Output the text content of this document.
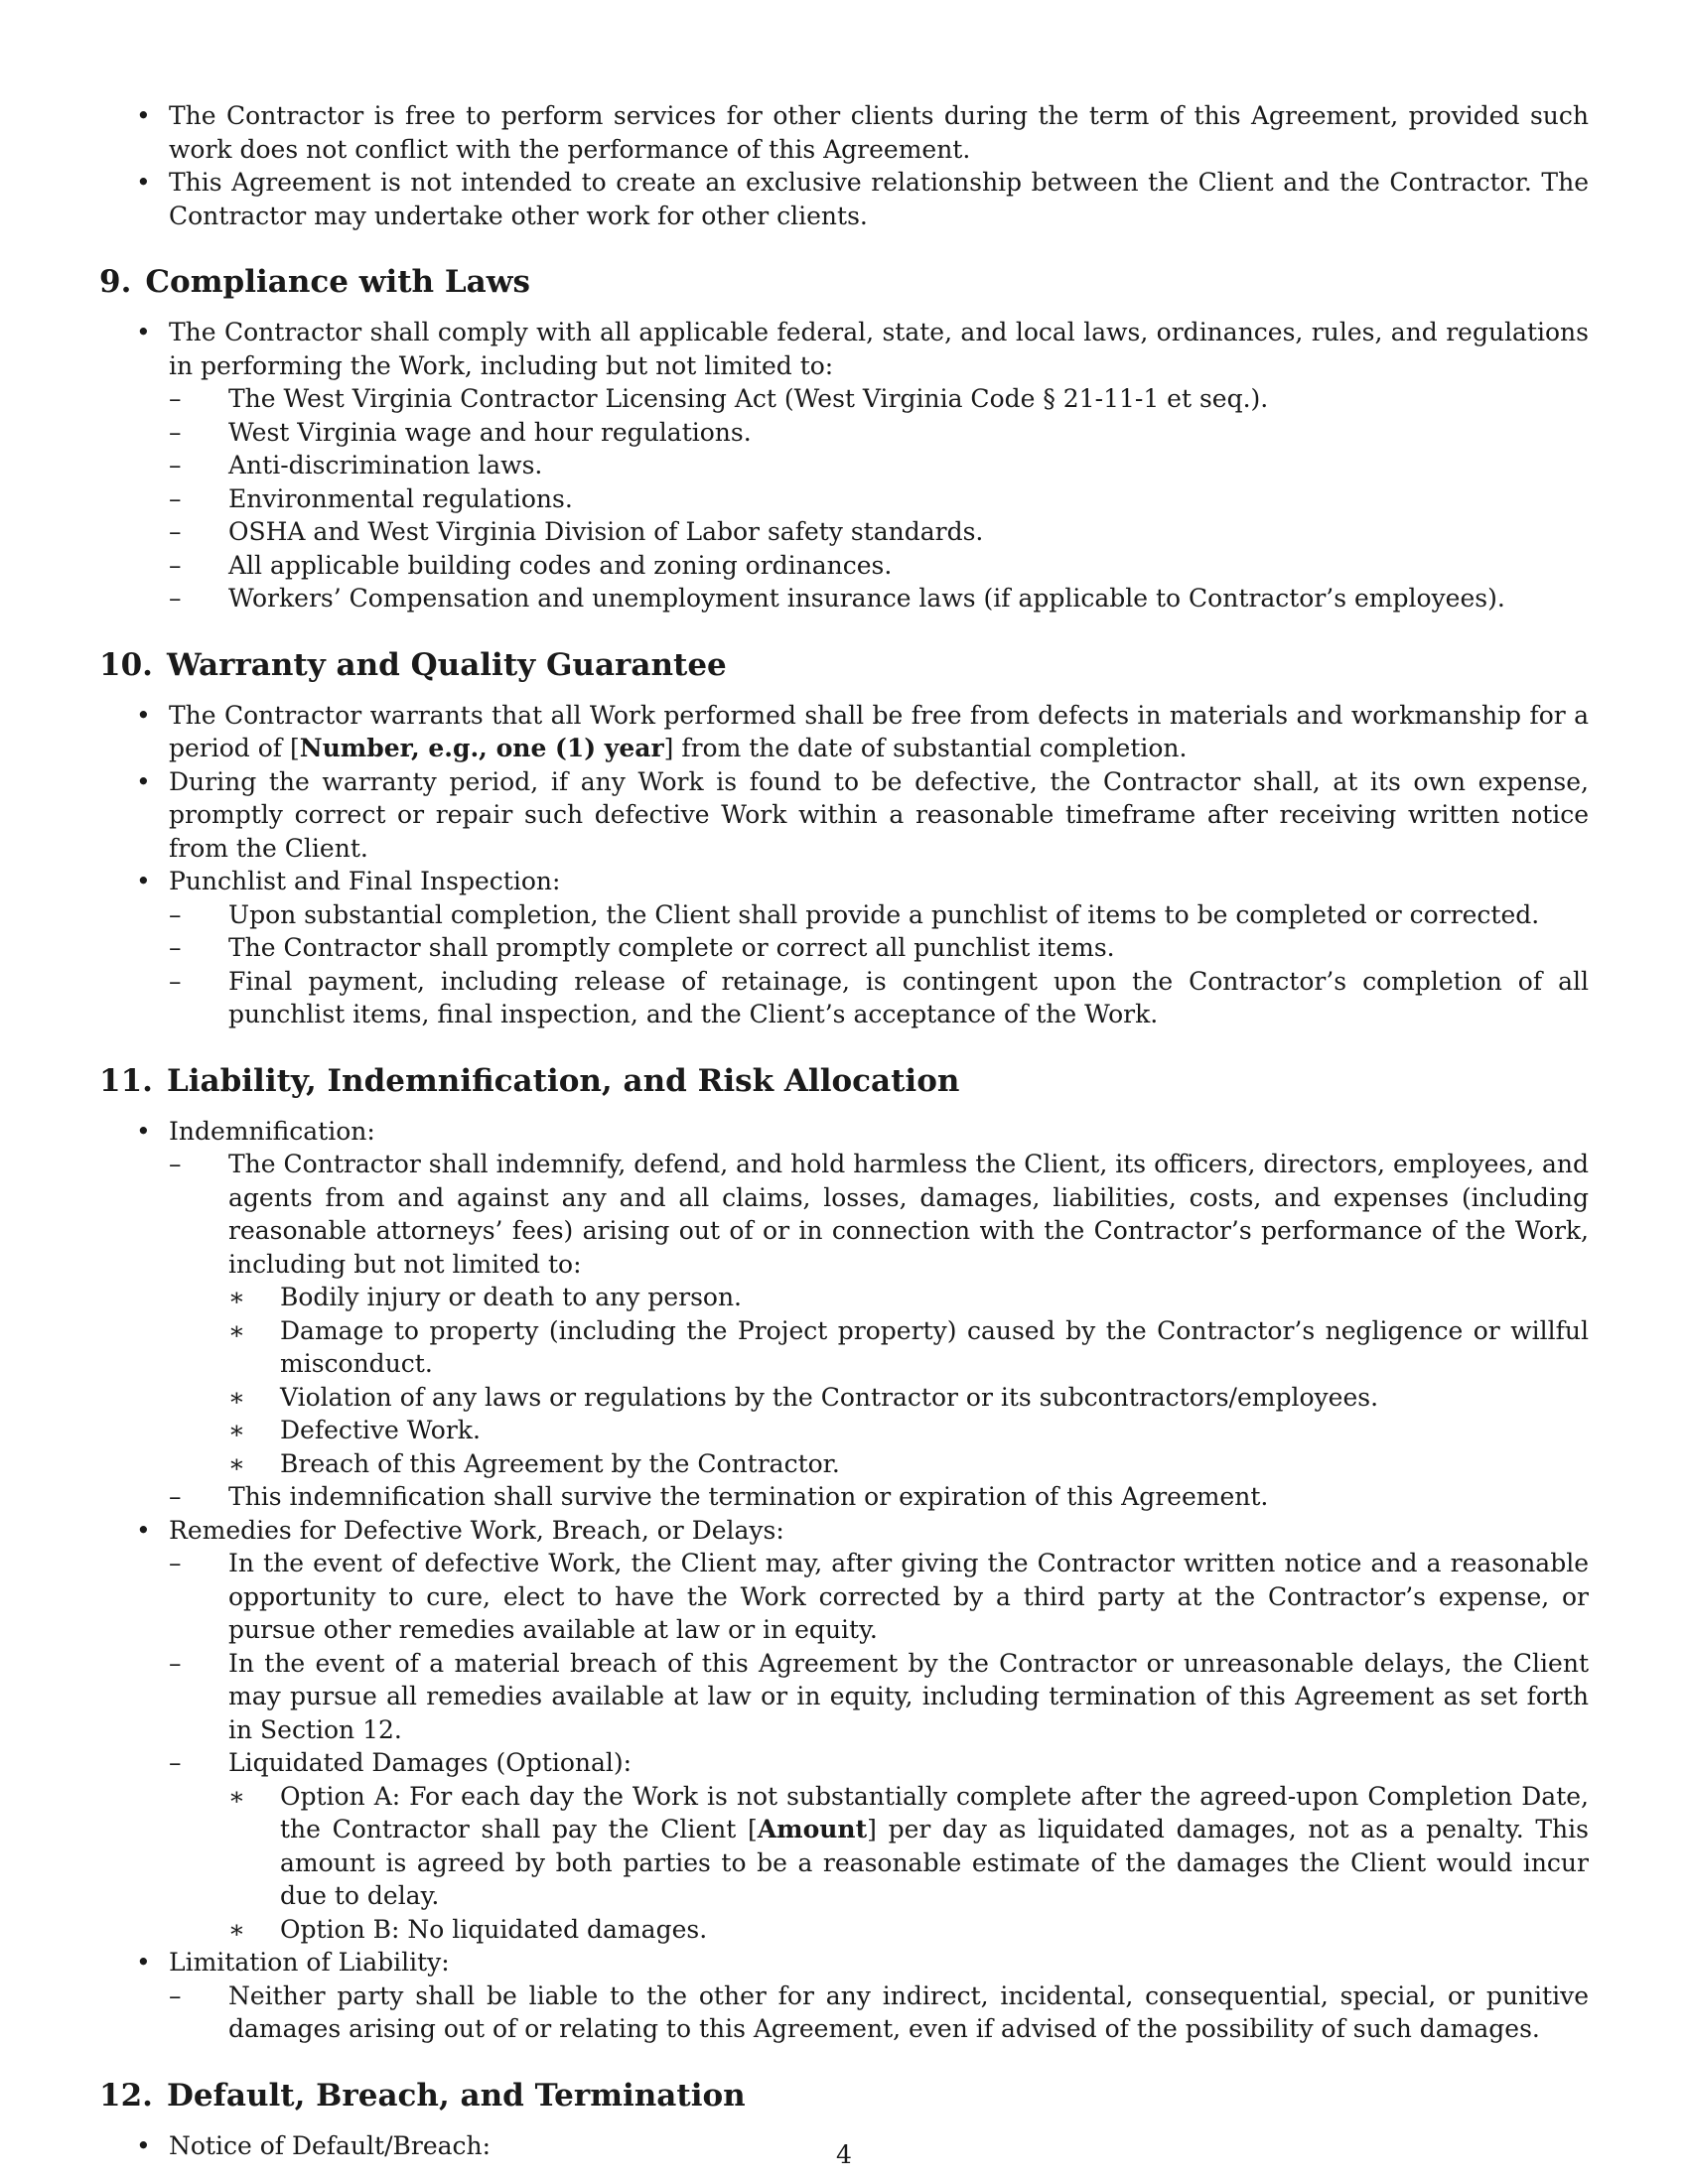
• The Contractor is free to perform services for other clients during the term of this Agreement, provided such work does not conflict with the performance of this Agreement.
• This Agreement is not intended to create an exclusive relationship between the Client and the Contractor. The Contractor may undertake other work for other clients.
9. Compliance with Laws
• The Contractor shall comply with all applicable federal, state, and local laws, ordinances, rules, and regulations in performing the Work, including but not limited to:
– The West Virginia Contractor Licensing Act (West Virginia Code § 21-11-1 et seq.).
– West Virginia wage and hour regulations.
– Anti-discrimination laws.
– Environmental regulations.
– OSHA and West Virginia Division of Labor safety standards.
– All applicable building codes and zoning ordinances.
– Workers’ Compensation and unemployment insurance laws (if applicable to Contractor’s employees).
10. Warranty and Quality Guarantee
• The Contractor warrants that all Work performed shall be free from defects in materials and workmanship for a period of [Number, e.g., one (1) year] from the date of substantial completion.
• During the warranty period, if any Work is found to be defective, the Contractor shall, at its own expense, promptly correct or repair such defective Work within a reasonable timeframe after receiving written notice from the Client.
• Punchlist and Final Inspection:
– Upon substantial completion, the Client shall provide a punchlist of items to be completed or corrected.
– The Contractor shall promptly complete or correct all punchlist items.
– Final payment, including release of retainage, is contingent upon the Contractor’s completion of all punchlist items, final inspection, and the Client’s acceptance of the Work.
11. Liability, Indemnification, and Risk Allocation
• Indemnification:
– The Contractor shall indemnify, defend, and hold harmless the Client, its officers, directors, employees, and agents from and against any and all claims, losses, damages, liabilities, costs, and expenses (including reasonable attorneys’ fees) arising out of or in connection with the Contractor’s performance of the Work, including but not limited to:
∗ Bodily injury or death to any person.
∗ Damage to property (including the Project property) caused by the Contractor’s negligence or willful misconduct.
∗ Violation of any laws or regulations by the Contractor or its subcontractors/employees.
∗ Defective Work.
∗ Breach of this Agreement by the Contractor.
– This indemnification shall survive the termination or expiration of this Agreement.
• Remedies for Defective Work, Breach, or Delays:
– In the event of defective Work, the Client may, after giving the Contractor written notice and a reasonable opportunity to cure, elect to have the Work corrected by a third party at the Contractor’s expense, or pursue other remedies available at law or in equity.
– In the event of a material breach of this Agreement by the Contractor or unreasonable delays, the Client may pursue all remedies available at law or in equity, including termination of this Agreement as set forth in Section 12.
– Liquidated Damages (Optional):
∗ Option A: For each day the Work is not substantially complete after the agreed-upon Completion Date, the Contractor shall pay the Client [Amount] per day as liquidated damages, not as a penalty. This amount is agreed by both parties to be a reasonable estimate of the damages the Client would incur due to delay.
∗ Option B: No liquidated damages.
• Limitation of Liability:
– Neither party shall be liable to the other for any indirect, incidental, consequential, special, or punitive damages arising out of or relating to this Agreement, even if advised of the possibility of such damages.
12. Default, Breach, and Termination
• Notice of Default/Breach:	4
